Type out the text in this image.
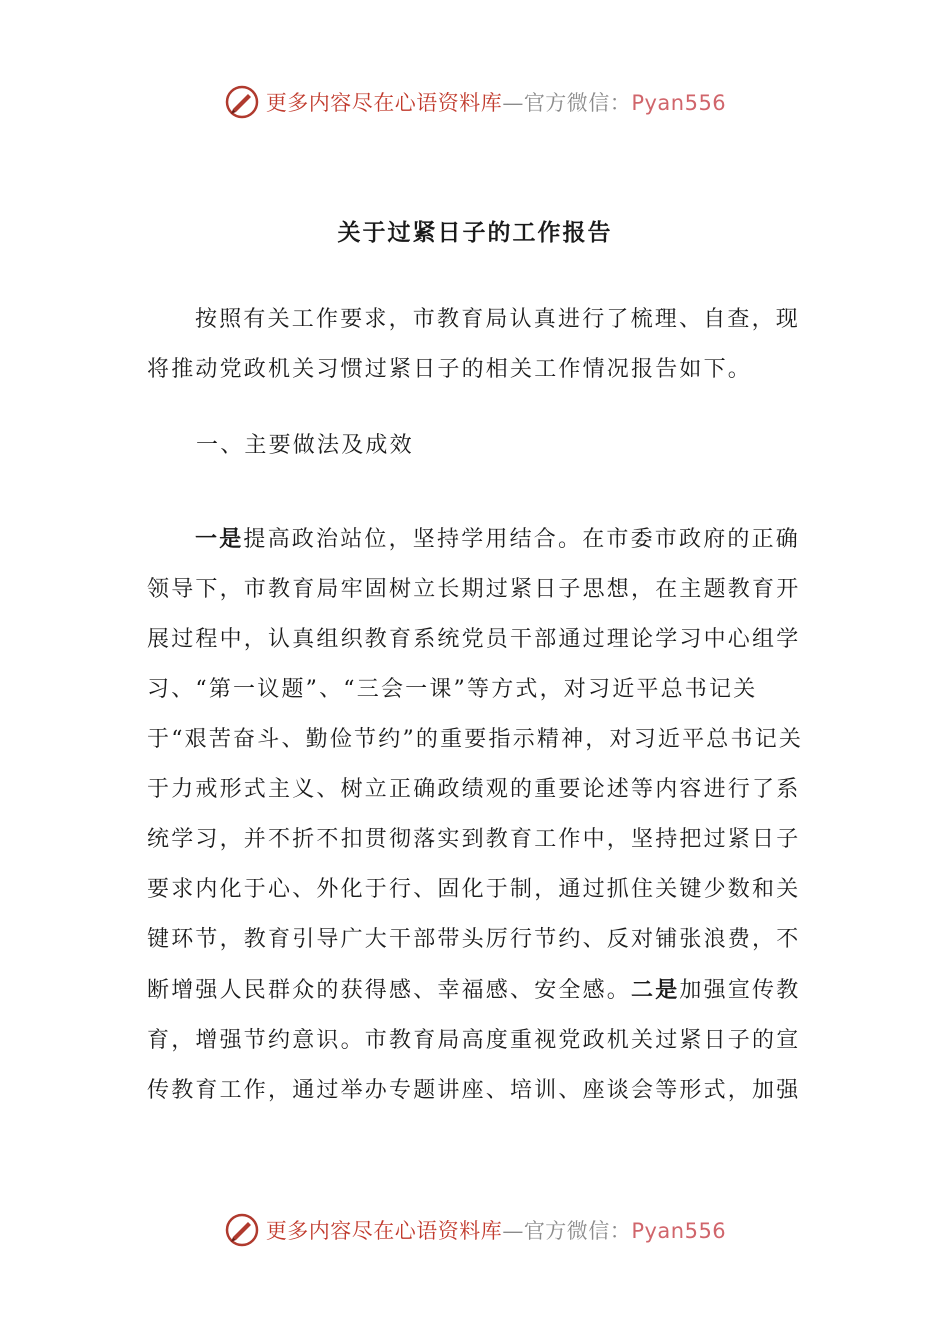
更多内容尽在心语资料库—官方微信：Pyan556
关于过紧日子的工作报告
按照有关工作要求，市教育局认真进行了梳理、自查，现将推动党政机关习惯过紧日子的相关工作情况报告如下。
一、主要做法及成效
一是提高政治站位，坚持学用结合。在市委市政府的正确领导下，市教育局牢固树立长期过紧日子思想，在主题教育开展过程中，认真组织教育系统党员干部通过理论学习中心组学习、“第一议题”、“三会一课”等方式，对习近平总书记关于“艰苦奋斗、勤俭节约”的重要指示精神，对习近平总书记关于力戒形式主义、树立正确政绩观的重要论述等内容进行了系统学习，并不折不扣贯彻落实到教育工作中，坚持把过紧日子要求内化于心、外化于行、固化于制，通过抓住关键少数和关键环节，教育引导广大干部带头厉行节约、反对铺张浪费，不断增强人民群众的获得感、幸福感、安全感。二是加强宣传教育，增强节约意识。市教育局高度重视党政机关过紧日子的宣传教育工作，通过举办专题讲座、培训、座谈会等形式，加强
更多内容尽在心语资料库—官方微信：Pyan556
